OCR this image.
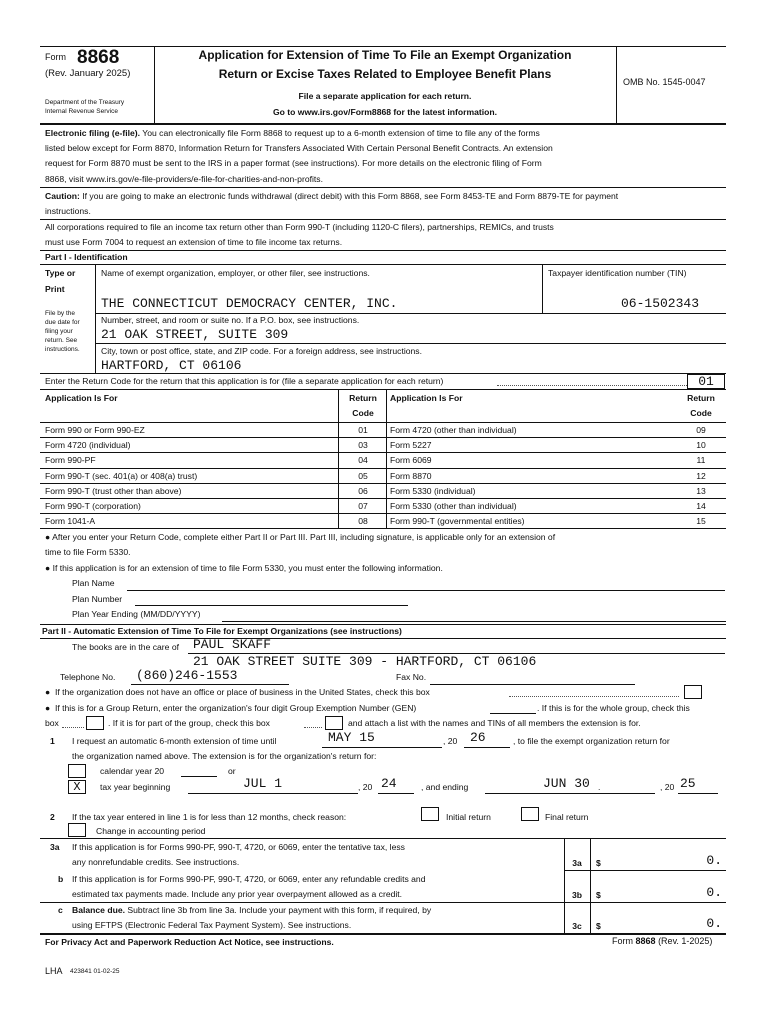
Form 8868
(Rev. January 2025)
Department of the Treasury
Internal Revenue Service
Application for Extension of Time To File an Exempt Organization
Return or Excise Taxes Related to Employee Benefit Plans
File a separate application for each return.
Go to www.irs.gov/Form8868 for the latest information.
OMB No. 1545-0047
Electronic filing (e-file). You can electronically file Form 8868 to request up to a 6-month extension of time to file any of the forms
listed below except for Form 8870, Information Return for Transfers Associated With Certain Personal Benefit Contracts. An extension
request for Form 8870 must be sent to the IRS in a paper format (see instructions). For more details on the electronic filing of Form
8868, visit www.irs.gov/e-file-providers/e-file-for-charities-and-non-profits.
Caution: If you are going to make an electronic funds withdrawal (direct debit) with this Form 8868, see Form 8453-TE and Form 8879-TE for payment
instructions.
All corporations required to file an income tax return other than Form 990-T (including 1120-C filers), partnerships, REMICs, and trusts
must use Form 7004 to request an extension of time to file income tax returns.
Part I - Identification
Type or
Print
File by the
due date for
filing your
return. See
instructions.
Name of exempt organization, employer, or other filer, see instructions.	Taxpayer identification number (TIN)
THE CONNECTICUT DEMOCRACY CENTER, INC.	06-1502343
Number, street, and room or suite no. If a P.O. box, see instructions.
21 OAK STREET, SUITE 309
City, town or post office, state, and ZIP code. For a foreign address, see instructions.
HARTFORD, CT 06106
Enter the Return Code for the return that this application is for (file a separate application for each return)	01
Application Is For	Return
Code
Application Is For	Return
Code
Form 990 or Form 990-EZ	01	Form 4720 (other than individual)	09
Form 4720 (individual)	03	Form 5227	10
Form 990-PF	04	Form 6069	11
Form 990-T (sec. 401(a) or 408(a) trust)	05	Form 8870	12
Form 990-T (trust other than above)	06	Form 5330 (individual)	13
Form 990-T (corporation)	07	Form 5330 (other than individual)	14
Form 1041-A	08	Form 990-T (governmental entities)	15
● After you enter your Return Code, complete either Part II or Part III. Part III, including signature, is applicable only for an extension of
time to file Form 5330.
● If this application is for an extension of time to file Form 5330, you must enter the following information.
Plan Name
Plan Number
Plan Year Ending (MM/DD/YYYY)
Part II - Automatic Extension of Time To File for Exempt Organizations (see instructions)
The books are in the care of PAUL SKAFF
21 OAK STREET SUITE 309 - HARTFORD, CT 06106
Telephone No. (860)246-1553	Fax No.
●  If the organization does not have an office or place of business in the United States, check this box
●  If this is for a Group Return, enter the organization's four digit Group Exemption Number (GEN)	. If this is for the whole group, check this
box	. If it is for part of the group, check this box	and attach a list with the names and TINs of all members the extension is for.
1 I request an automatic 6-month extension of time until	MAY 15	, 20 26	, to file the exempt organization return for
the organization named above. The extension is for the organization's return for:
calendar year 20	or
X	tax year beginning	JUL 1	, 20 24	, and ending	JUN 30 .	, 20 25
2 If the tax year entered in line 1 is for less than 12 months, check reason:	Initial return	Final return
Change in accounting period
3a If this application is for Forms 990-PF, 990-T, 4720, or 6069, enter the tentative tax, less
any nonrefundable credits. See instructions.	3a	$	0.
b If this application is for Forms 990-PF, 990-T, 4720, or 6069, enter any refundable credits and
estimated tax payments made. Include any prior year overpayment allowed as a credit.	3b	$	0.
c Balance due. Subtract line 3b from line 3a. Include your payment with this form, if required, by
using EFTPS (Electronic Federal Tax Payment System). See instructions.	3c	$	0.
For Privacy Act and Paperwork Reduction Act Notice, see instructions.	Form 8868 (Rev. 1-2025)
LHA 423841 01-02-25
